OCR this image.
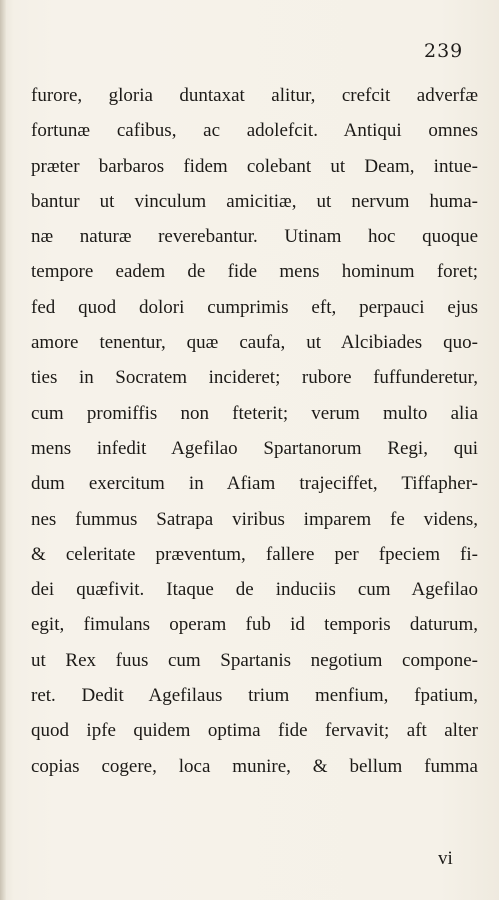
239
furore, gloria duntaxat alitur, crefcit adverfæ
fortunæ cafibus, ac adolefcit. Antiqui omnes
præter barbaros fidem colebant ut Deam, intue-
bantur ut vinculum amicitiæ, ut nervum huma-
næ naturæ reverebantur. Utinam hoc quoque
tempore eadem de fide mens hominum foret;
fed quod dolori cumprimis eft, perpauci ejus
amore tenentur, quæ caufa, ut Alcibiades quo-
ties in Socratem incideret; rubore fuffunderetur,
cum promiffis non fteterit; verum multo alia
mens infedit Agefilao Spartanorum Regi, qui
dum exercitum in Afiam trajeciffet, Tiffapher-
nes fummus Satrapa viribus imparem fe videns,
& celeritate præventum, fallere per fpeciem fi-
dei quæfivit. Itaque de induciis cum Agefilao
egit, fimulans operam fub id temporis daturum,
ut Rex fuus cum Spartanis negotium compone-
ret. Dedit Agefilaus trium menfium, fpatium,
quod ipfe quidem optima fide fervavit; aft alter
copias cogere, loca munire, & bellum fumma
vi
